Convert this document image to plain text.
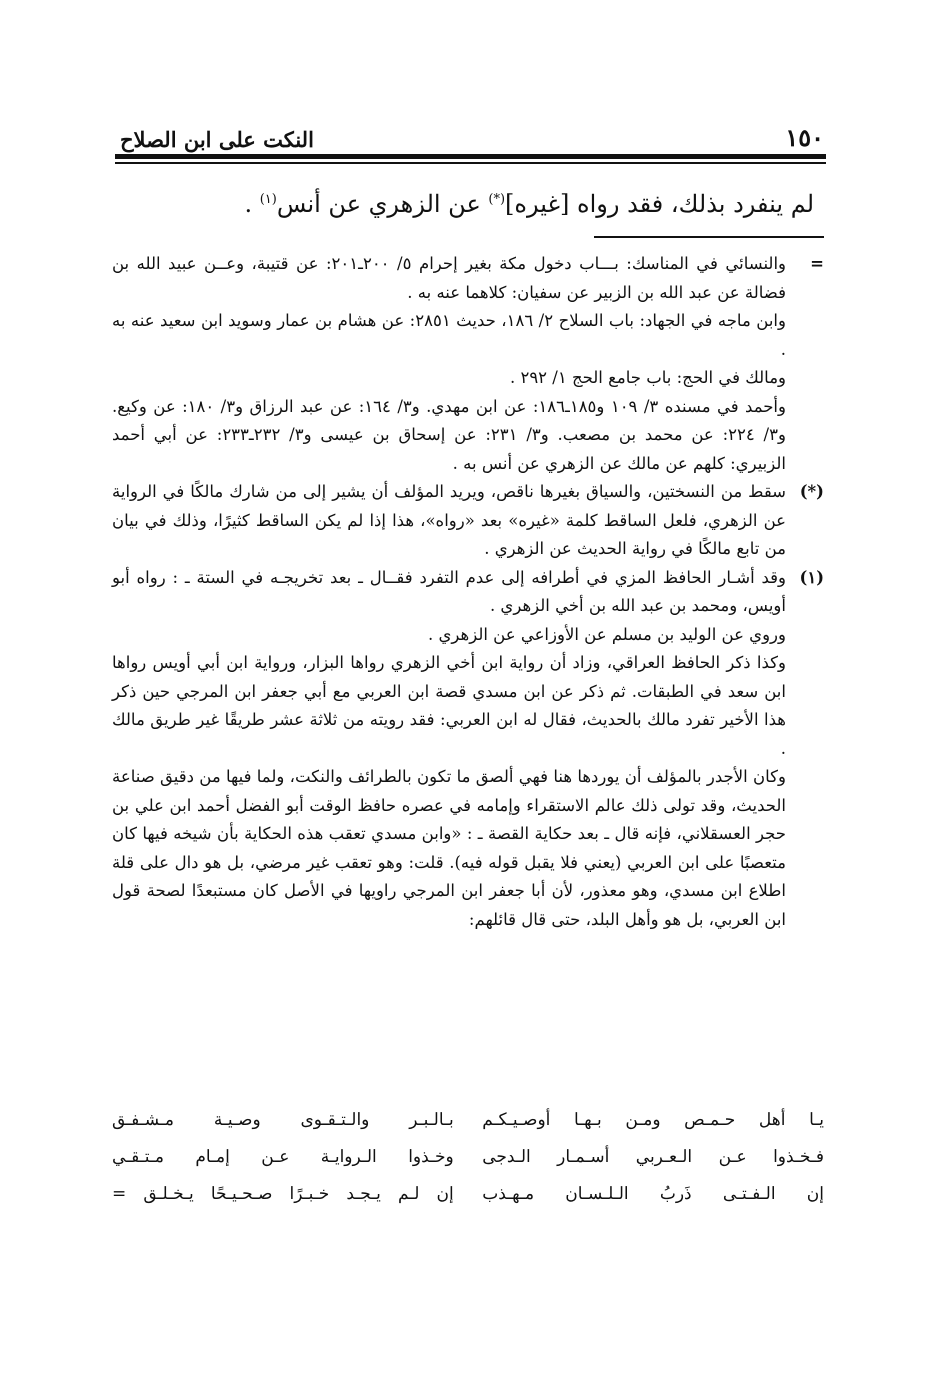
١٥٠
النكت على ابن الصلاح
لم ينفرد بذلك، فقد رواه [غيره](*) عن الزهري عن أنس$^{(١)}$ .
=

والنسائي في المناسك: بـــاب دخول مكة بغير إحرام ٥/ ٢٠٠ـ٢٠١: عن قتيبة، وعــن عبيد الله بن فضالة عن عبد الله بن الزبير عن سفيان: كلاهما عنه به .

وابن ماجه في الجهاد: باب السلاح ٢/ ١٨٦، حديث ٢٨٥١: عن هشام بن عمار وسويد ابن سعيد عنه به .

ومالك في الحج: باب جامع الحج ١/ ٢٩٢ .

وأحمد في مسنده ٣/ ١٠٩ و١٨٥ـ١٨٦: عن ابن مهدي. و٣/ ١٦٤: عن عبد الرزاق و٣/ ١٨٠: عن وكيع. و٣/ ٢٢٤: عن محمد بن مصعب. و٣/ ٢٣١: عن إسحاق بن عيسى و٣/ ٢٣٢ـ٢٣٣: عن أبي أحمد الزبيري: كلهم عن مالك عن الزهري عن أنس به .

(*)

سقط من النسختين، والسياق بغيرها ناقص، ويريد المؤلف أن يشير إلى من شارك مالكًا في الرواية عن الزهري، فلعل الساقط كلمة «غيره» بعد «رواه»، هذا إذا لم يكن الساقط كثيرًا، وذلك في بيان من تابع مالكًا في رواية الحديث عن الزهري .

(١)

وقد أشـار الحافظ المزي في أطرافه إلى عدم التفرد فقــال ـ بعد تخريجـه في الستة ـ : رواه أبو أويس، ومحمد بن عبد الله بن أخي الزهري .

وروي عن الوليد بن مسلم عن الأوزاعي عن الزهري .

وكذا ذكر الحافظ العراقي، وزاد أن رواية ابن أخي الزهري رواها البزار، ورواية ابن أبي أويس رواها ابن سعد في الطبقات. ثم ذكر عن ابن مسدي قصة ابن العربي مع أبي جعفر ابن المرجي حين ذكر هذا الأخير تفرد مالك بالحديث، فقال له ابن العربي: فقد رويته من ثلاثة عشر طريقًا غير طريق مالك .

وكان الأجدر بالمؤلف أن يوردها هنا فهي ألصق ما تكون بالطرائف والنكت، ولما فيها من دقيق صناعة الحديث، وقد تولى ذلك عالم الاستقراء وإمامه في عصره حافظ الوقت أبو الفضل أحمد ابن علي بن حجر العسقلاني، فإنه قال ـ بعد حكاية القصة ـ : «وابن مسدي تعقب هذه الحكاية بأن شيخه فيها كان متعصبًا على ابن العربي (يعني فلا يقبل قوله فيه). قلت: وهو تعقب غير مرضي، بل هو دال على قلة اطلاع ابن مسدي، وهو معذور، لأن أبا جعفر ابن المرجي راويها في الأصل كان مستبعدًا لصحة قول ابن العربي، بل هو وأهل البلد، حتى قال قائلهم:

يـا أهل حـمـص ومـن بـهـا أوصـيـكـم
بـالـبـر والـتـقـوى وصـيـة مـشـفـق
فـخـذوا عـن الـعـربي أسـمـار الـدجى
وخـذوا الـروايـة عـن إمـام مـتـقـي
إن الـفـتـى ذَربُ الـلـسـان مـهـذب
إن لـم يـجـد خـبـرًا صـحـيـحًا يـخـلـق =
